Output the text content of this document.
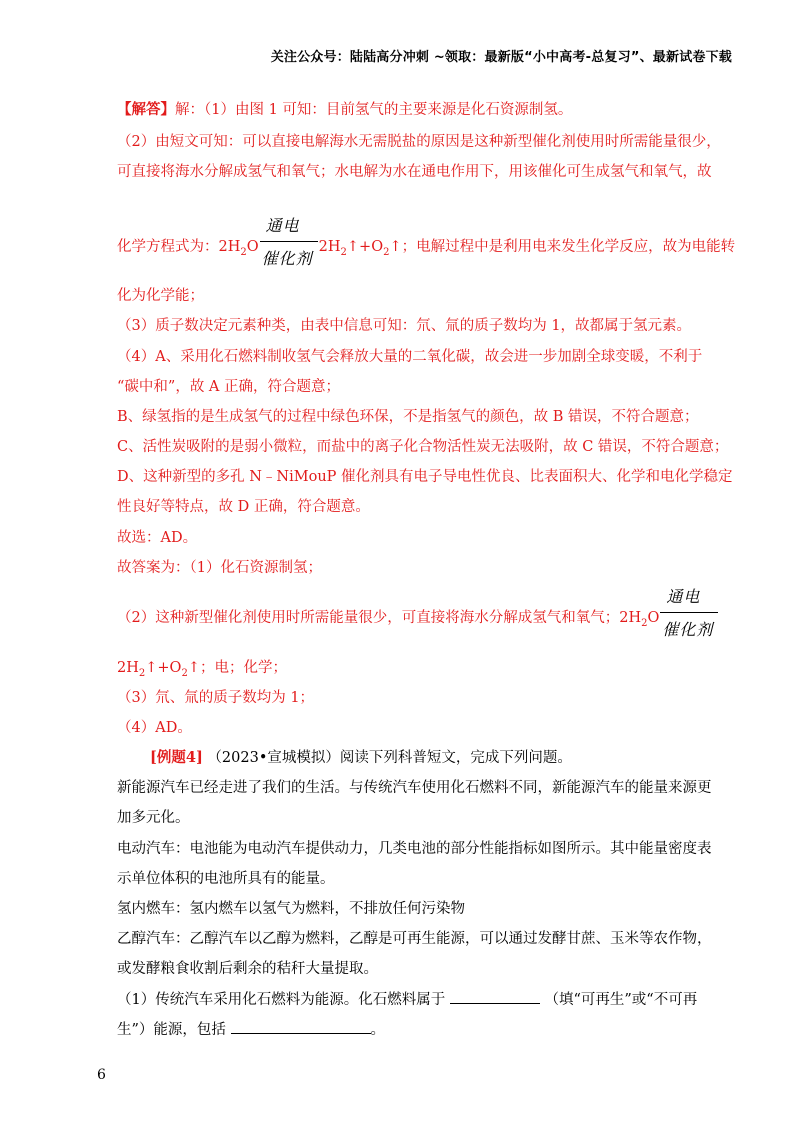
关注公众号：陆陆高分冲刺 ~领取：最新版“小中高考-总复习”、最新试卷下载
【解答】解：（1）由图 1 可知：目前氢气的主要来源是化石资源制氢。
（2）由短文可知：可以直接电解海水无需脱盐的原因是这种新型催化剂使用时所需能量很少，
可直接将海水分解成氢气和氧气；水电解为水在通电作用下，用该催化可生成氢气和氧气，故
化学方程式为：$2H_2O$
通电
催化剂
$2H_2↑+O_2↑$；电解过程中是利用电来发生化学反应，故为电能转
化为化学能；
（3）质子数决定元素种类，由表中信息可知：氘、氚的质子数均为 1，故都属于氢元素。
（4）A、采用化石燃料制收氢气会释放大量的二氧化碳，故会进一步加剧全球变暖，不利于
“碳中和”，故 A 正确，符合题意；
B、绿氢指的是生成氢气的过程中绿色环保，不是指氢气的颜色，故 B 错误，不符合题意；
C、活性炭吸附的是弱小微粒，而盐中的离子化合物活性炭无法吸附，故 C 错误，不符合题意；
D、这种新型的多孔 N﹣NiMouP 催化剂具有电子导电性优良、比表面积大、化学和电化学稳定
性良好等特点，故 D 正确，符合题意。
故选：AD。
故答案为：（1）化石资源制氢；
（2）这种新型催化剂使用时所需能量很少，可直接将海水分解成氢气和氧气；$2H_2O$
通电
催化剂
$2H_2↑+O_2↑$；电；化学；
（3）氘、氚的质子数均为 1；
（4）AD。
[例题4] （2023•宣城模拟）阅读下列科普短文，完成下列问题。
新能源汽车已经走进了我们的生活。与传统汽车使用化石燃料不同，新能源汽车的能量来源更
加多元化。
电动汽车：电池能为电动汽车提供动力，几类电池的部分性能指标如图所示。其中能量密度表
示单位体积的电池所具有的能量。
氢内燃车：氢内燃车以氢气为燃料，不排放任何污染物
乙醇汽车：乙醇汽车以乙醇为燃料，乙醇是可再生能源，可以通过发酵甘蔗、玉米等农作物，
或发酵粮食收割后剩余的秸秆大量提取。
（1）传统汽车采用化石燃料为能源。化石燃料属于	（填“可再生”或“不可再
生”）能源，包括	。
6
